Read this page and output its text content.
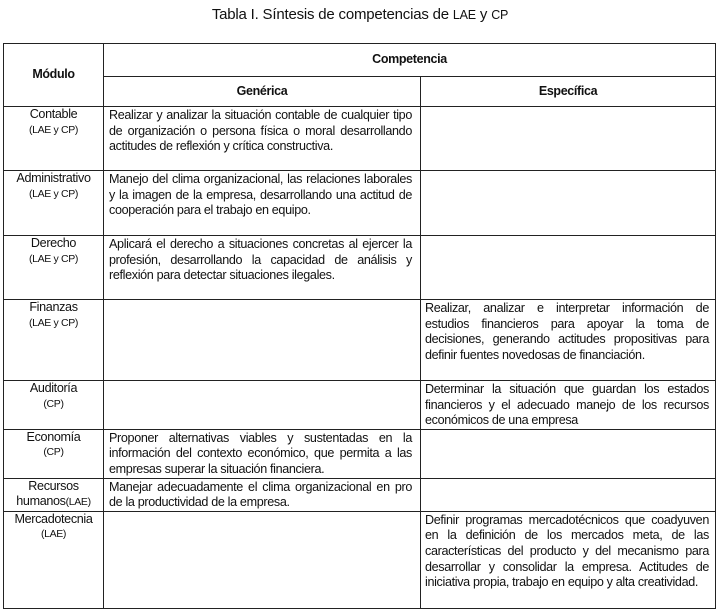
Tabla I. Síntesis de competencias de LAE y CP
Módulo	Competencia	
	Genérica	Específica
Contable

(LAE y CP)	Realizar y analizar la situación contable de cualquier tipo de organización o persona física o moral desarrollando actitudes de reflexión y crítica constructiva.	
Administrativo

(LAE y CP)	Manejo del clima organizacional, las relaciones laborales y la imagen de la empresa, desarrollando una actitud de cooperación para el trabajo en equipo.	
Derecho

(LAE y CP)	Aplicará el derecho a situaciones concretas al ejercer la profesión, desarrollando la capacidad de análisis y reflexión para detectar situaciones ilegales.	
Finanzas

(LAE y CP)		Realizar, analizar e interpretar información de estudios financieros para apoyar la toma de decisiones, generando actitudes propositivas para definir fuentes novedosas de financiación.
Auditoría

(CP)		Determinar la situación que guardan los estados financieros y el adecuado manejo de los recursos económicos de una empresa
Economía

(CP)	Proponer alternativas viables y sustentadas en la información del contexto económico, que permita a las empresas superar la situación financiera.	
Recursos humanos(LAE)	Manejar adecuadamente el clima organizacional en pro de la productividad de la empresa.	
Mercadotecnia

(LAE)		Definir programas mercadotécnicos que coadyuven en la definición de los mercados meta, de las características del producto y del mecanismo para desarrollar y consolidar la empresa. Actitudes de iniciativa propia, trabajo en equipo y alta creatividad.
